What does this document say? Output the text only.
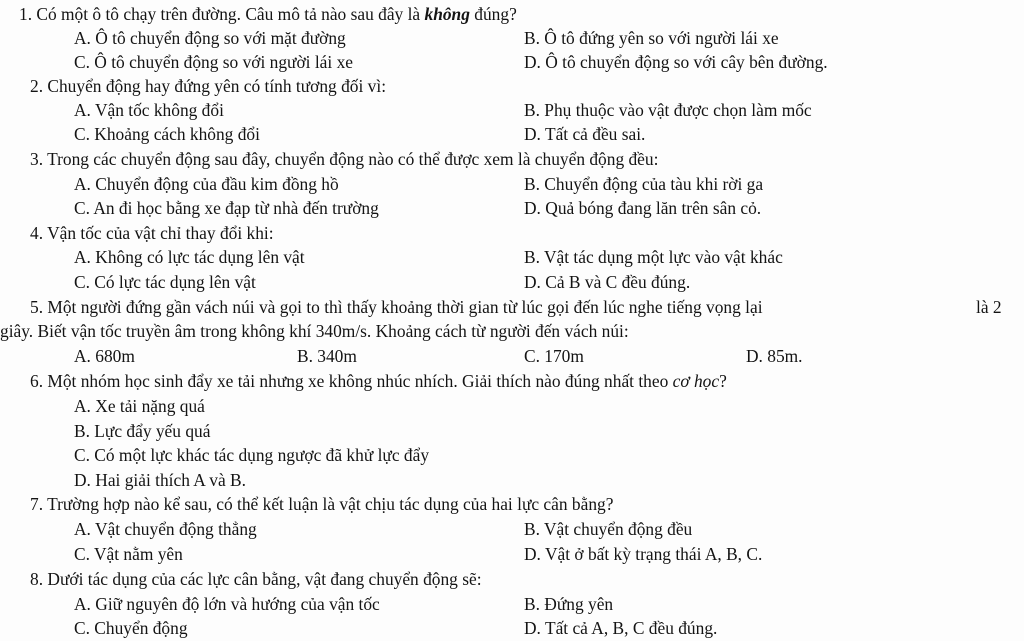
1. Có một ô tô chạy trên đường. Câu mô tả nào sau đây là không đúng?
A. Ô tô chuyển động so với mặt đường	B. Ô tô đứng yên so với người lái xe
C. Ô tô chuyển động so với người lái xe	D. Ô tô chuyển động so với cây bên đường.
2. Chuyển động hay đứng yên có tính tương đối vì:
A. Vận tốc không đổi	B. Phụ thuộc vào vật được chọn làm mốc
C. Khoảng cách không đổi	D. Tất cả đều sai.
3. Trong các chuyển động sau đây, chuyển động nào có thể được xem là chuyển động đều:
A. Chuyển động của đầu kim đồng hồ	B. Chuyển động của tàu khi rời ga
C. An đi học bằng xe đạp từ nhà đến trường	D. Quả bóng đang lăn trên sân cỏ.
4. Vận tốc của vật chỉ thay đổi khi:
A. Không có lực tác dụng lên vật	B. Vật tác dụng một lực vào vật khác
C. Có lực tác dụng lên vật	D. Cả B và C đều đúng.
5. Một người đứng gần vách núi và gọi to thì thấy khoảng thời gian từ lúc gọi đến lúc nghe tiếng vọng lại	là 2
giây. Biết vận tốc truyền âm trong không khí 340m/s. Khoảng cách từ người đến vách núi:
A. 680m	B. 340m	C. 170m	D. 85m.
6. Một nhóm học sinh đẩy xe tải nhưng xe không nhúc nhích. Giải thích nào đúng nhất theo cơ học?
A. Xe tải nặng quá
B. Lực đẩy yếu quá
C. Có một lực khác tác dụng ngược đã khử lực đẩy
D. Hai giải thích A và B.
7. Trường hợp nào kể sau, có thể kết luận là vật chịu tác dụng của hai lực cân bằng?
A. Vật chuyển động thẳng	B. Vật chuyển động đều
C. Vật nằm yên	D. Vật ở bất kỳ trạng thái A, B, C.
8. Dưới tác dụng của các lực cân bằng, vật đang chuyển động sẽ:
A. Giữ nguyên độ lớn và hướng của vận tốc	B. Đứng yên
C. Chuyển động	D. Tất cả A, B, C đều đúng.
